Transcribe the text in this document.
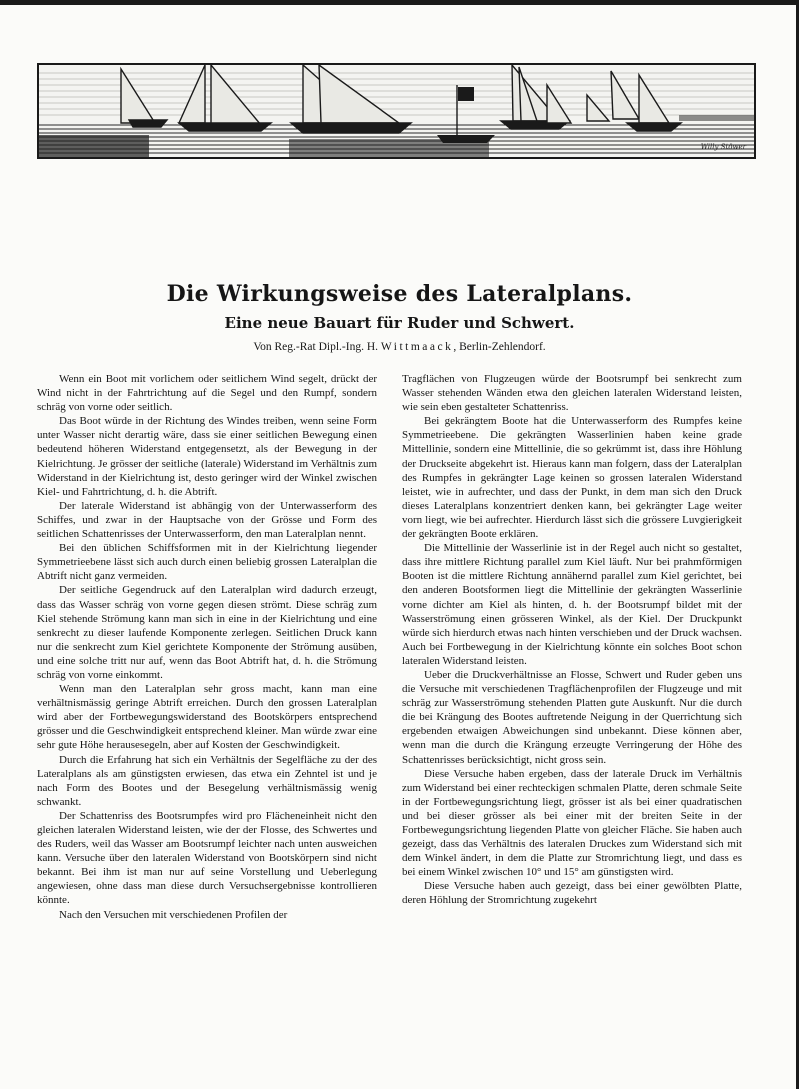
Willy Stöwer
Die Wirkungsweise des Lateralplans.
Eine neue Bauart für Ruder und Schwert.
Von Reg.-Rat Dipl.-Ing. H. Wittmaack, Berlin-Zehlendorf.

Wenn ein Boot mit vorlichem oder seitlichem Wind segelt, drückt der Wind nicht in der Fahrtrichtung auf die Segel und den Rumpf, sondern schräg von vorne oder seitlich.

Das Boot würde in der Richtung des Windes treiben, wenn seine Form unter Wasser nicht derartig wäre, dass sie einer seitlichen Bewegung einen bedeutend höheren Widerstand entgegensetzt, als der Bewegung in der Kielrichtung. Je grösser der seitliche (laterale) Widerstand im Verhältnis zum Widerstand in der Kielrichtung ist, desto geringer wird der Winkel zwischen Kiel- und Fahrtrichtung, d. h. die Abtrift.

Der laterale Widerstand ist abhängig von der Unterwasserform des Schiffes, und zwar in der Hauptsache von der Grösse und Form des seitlichen Schattenrisses der Unterwasserform, den man Lateralplan nennt.

Bei den üblichen Schiffsformen mit in der Kielrichtung liegender Symmetrieebene lässt sich auch durch einen beliebig grossen Lateralplan die Abtrift nicht ganz vermeiden.

Der seitliche Gegendruck auf den Lateralplan wird dadurch erzeugt, dass das Wasser schräg von vorne gegen diesen strömt. Diese schräg zum Kiel stehende Strömung kann man sich in eine in der Kielrichtung und eine senkrecht zu dieser laufende Komponente zerlegen. Seitlichen Druck kann nur die senkrecht zum Kiel gerichtete Komponente der Strömung ausüben, und eine solche tritt nur auf, wenn das Boot Abtrift hat, d. h. die Strömung schräg von vorne einkommt.

Wenn man den Lateralplan sehr gross macht, kann man eine verhältnismässig geringe Abtrift erreichen. Durch den grossen Lateralplan wird aber der Fortbewegungswiderstand des Bootskörpers entsprechend grösser und die Geschwindigkeit entsprechend kleiner. Man würde zwar eine sehr gute Höhe herausesegeln, aber auf Kosten der Geschwindigkeit.

Durch die Erfahrung hat sich ein Verhältnis der Segelfläche zu der des Lateralplans als am günstigsten erwiesen, das etwa ein Zehntel ist und je nach Form des Bootes und der Besegelung verhältnismässig wenig schwankt.

Der Schattenriss des Bootsrumpfes wird pro Flächeneinheit nicht den gleichen lateralen Widerstand leisten, wie der der Flosse, des Schwertes und des Ruders, weil das Wasser am Bootsrumpf leichter nach unten ausweichen kann. Versuche über den lateralen Widerstand von Bootskörpern sind nicht bekannt. Bei ihm ist man nur auf seine Vorstellung und Ueberlegung angewiesen, ohne dass man diese durch Versuchsergebnisse kontrollieren könnte.

Nach den Versuchen mit verschiedenen Profilen der

Tragflächen von Flugzeugen würde der Bootsrumpf bei senkrecht zum Wasser stehenden Wänden etwa den gleichen lateralen Widerstand leisten, wie sein eben gestalteter Schattenriss.

Bei gekrängtem Boote hat die Unterwasserform des Rumpfes keine Symmetrieebene. Die gekrängten Wasserlinien haben keine grade Mittellinie, sondern eine Mittellinie, die so gekrümmt ist, dass ihre Höhlung der Druckseite abgekehrt ist. Hieraus kann man folgern, dass der Lateralplan des Rumpfes in gekrängter Lage keinen so grossen lateralen Widerstand leistet, wie in aufrechter, und dass der Punkt, in dem man sich den Druck dieses Lateralplans konzentriert denken kann, bei gekrängter Lage weiter vorn liegt, wie bei aufrechter. Hierdurch lässt sich die grössere Luvgierigkeit der gekrängten Boote erklären.

Die Mittellinie der Wasserlinie ist in der Regel auch nicht so gestaltet, dass ihre mittlere Richtung parallel zum Kiel läuft. Nur bei prahmförmigen Booten ist die mittlere Richtung annähernd parallel zum Kiel gerichtet, bei den anderen Bootsformen liegt die Mittellinie der gekrängten Wasserlinie vorne dichter am Kiel als hinten, d. h. der Bootsrumpf bildet mit der Wasserströmung einen grösseren Winkel, als der Kiel. Der Druckpunkt würde sich hierdurch etwas nach hinten verschieben und der Druck wachsen. Auch bei Fortbewegung in der Kielrichtung könnte ein solches Boot schon lateralen Widerstand leisten.

Ueber die Druckverhältnisse an Flosse, Schwert und Ruder geben uns die Versuche mit verschiedenen Tragflächenprofilen der Flugzeuge und mit schräg zur Wasserströmung stehenden Platten gute Auskunft. Nur die durch die bei Krängung des Bootes auftretende Neigung in der Querrichtung sich ergebenden etwaigen Abweichungen sind unbekannt. Diese können aber, wenn man die durch die Krängung erzeugte Verringerung der Höhe des Schattenrisses berücksichtigt, nicht gross sein.

Diese Versuche haben ergeben, dass der laterale Druck im Verhältnis zum Widerstand bei einer rechteckigen schmalen Platte, deren schmale Seite in der Fortbewegungsrichtung liegt, grösser ist als bei einer quadratischen und bei dieser grösser als bei einer mit der breiten Seite in der Fortbewegungsrichtung liegenden Platte von gleicher Fläche. Sie haben auch gezeigt, dass das Verhältnis des lateralen Druckes zum Widerstand sich mit dem Winkel ändert, in dem die Platte zur Stromrichtung liegt, und dass es bei einem Winkel zwischen 10° und 15° am günstigsten wird.

Diese Versuche haben auch gezeigt, dass bei einer gewölbten Platte, deren Höhlung der Stromrichtung zugekehrt
